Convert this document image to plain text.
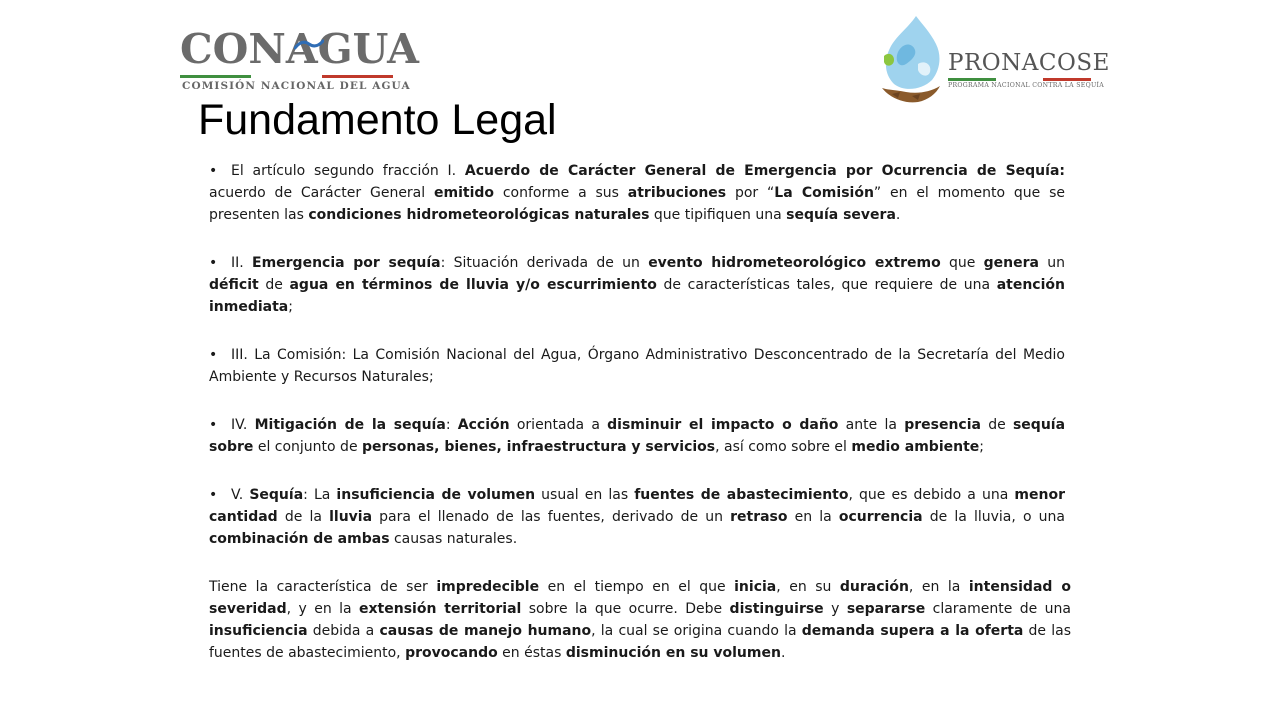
CONAGUA
COMISIÓN NACIONAL DEL AGUA
PRONACOSE
PROGRAMA NACIONAL CONTRA LA SEQUÍA
Fundamento Legal

• El artículo segundo fracción I. Acuerdo de Carácter General de Emergencia por Ocurrencia de Sequía: acuerdo de Carácter General emitido conforme a sus atribuciones por “La Comisión” en el momento que se presenten las condiciones hidrometeorológicas naturales que tipifiquen una sequía severa.

• II. Emergencia por sequía: Situación derivada de un evento hidrometeorológico extremo que genera un déficit de agua en términos de lluvia y/o escurrimiento de características tales, que requiere de una atención inmediata;

• III. La Comisión: La Comisión Nacional del Agua, Órgano Administrativo Desconcentrado de la Secretaría del Medio Ambiente y Recursos Naturales;

• IV. Mitigación de la sequía: Acción orientada a disminuir el impacto o daño ante la presencia de sequía sobre el conjunto de personas, bienes, infraestructura y servicios, así como sobre el medio ambiente;

• V. Sequía: La insuficiencia de volumen usual en las fuentes de abastecimiento, que es debido a una menor cantidad de la lluvia para el llenado de las fuentes, derivado de un retraso en la ocurrencia de la lluvia, o una combinación de ambas causas naturales.

Tiene la característica de ser impredecible en el tiempo en el que inicia, en su duración, en la intensidad o severidad, y en la extensión territorial sobre la que ocurre. Debe distinguirse y separarse claramente de una insuficiencia debida a causas de manejo humano, la cual se origina cuando la demanda supera a la oferta de las fuentes de abastecimiento, provocando en éstas disminución en su volumen.
